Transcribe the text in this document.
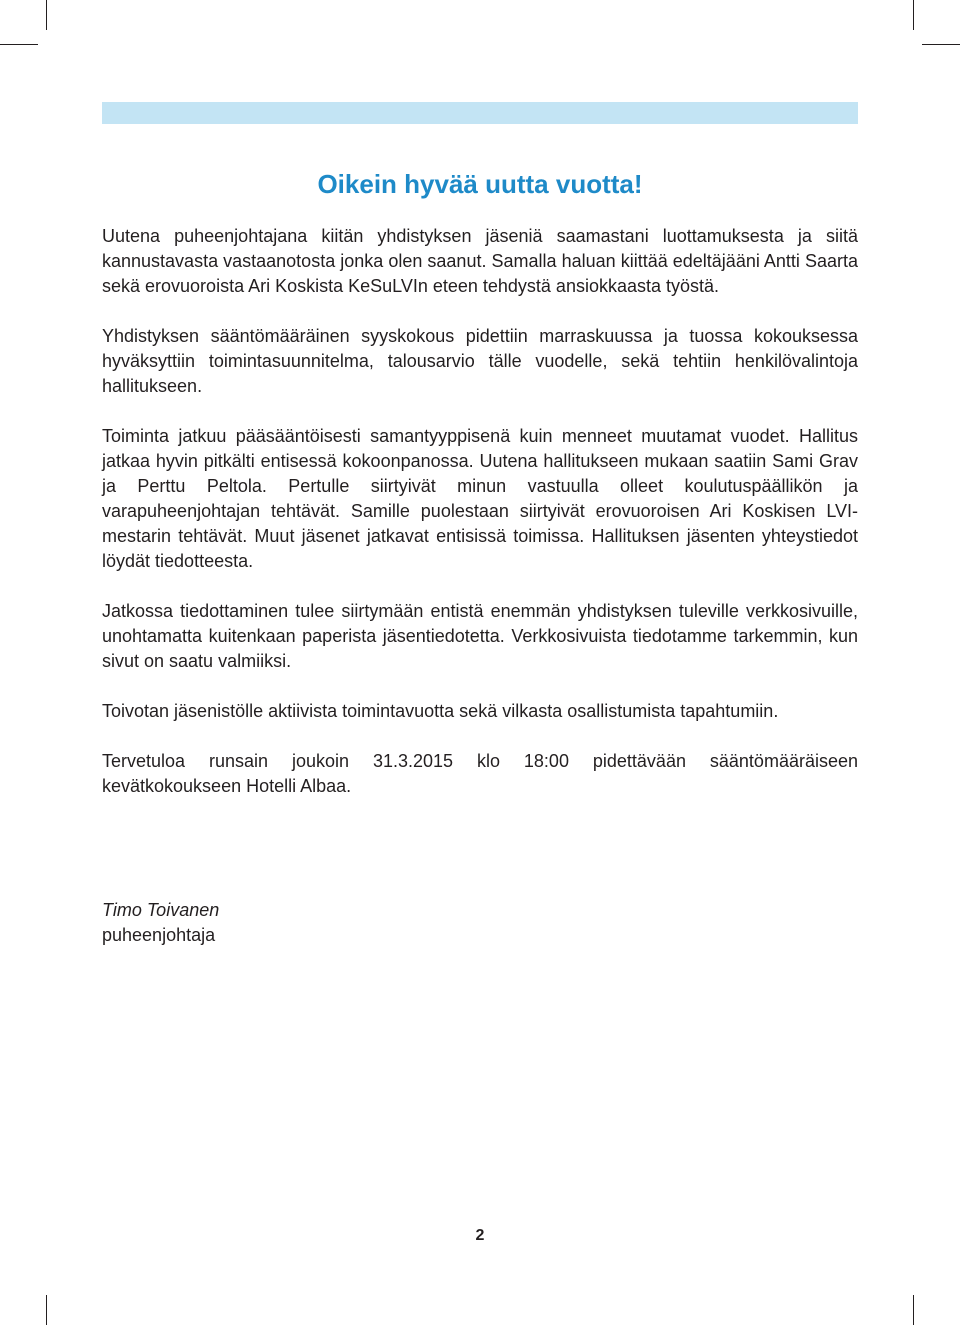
Oikein hyvää uutta vuotta!

Uutena puheenjohtajana kiitän yhdistyksen jäseniä saamastani luottamuksesta ja siitä kannustavasta vastaanotosta jonka olen saanut. Samalla haluan kiittää edeltäjääni Antti Saarta sekä erovuoroista Ari Koskista KeSuLVIn eteen tehdystä ansiokkaasta työstä.

Yhdistyksen sääntömääräinen syyskokous pidettiin marraskuussa ja tuossa kokouksessa hyväksyttiin toimintasuunnitelma, talousarvio tälle vuodelle, sekä tehtiin henkilövalintoja hallitukseen.

Toiminta jatkuu pääsääntöisesti samantyyppisenä kuin menneet muutamat vuodet. Hallitus jatkaa hyvin pitkälti entisessä kokoonpanossa. Uutena hallitukseen mukaan saatiin Sami Grav ja Perttu Peltola. Pertulle siirtyivät minun vastuulla olleet koulutuspäällikön ja varapuheenjohtajan tehtävät. Samille puolestaan siirtyivät erovuoroisen Ari Koskisen LVI-mestarin tehtävät. Muut jäsenet jatkavat entisissä toimissa. Hallituksen jäsenten yhteystiedot löydät tiedotteesta.

Jatkossa tiedottaminen tulee siirtymään entistä enemmän yhdistyksen tuleville verkkosivuille, unohtamatta kuitenkaan paperista jäsentiedotetta. Verkkosivuista tiedotamme tarkemmin, kun sivut on saatu valmiiksi.

Toivotan jäsenistölle aktiivista toimintavuotta sekä vilkasta osallistumista tapahtumiin.

Tervetuloa runsain joukoin 31.3.2015 klo 18:00 pidettävään sääntömääräiseen kevätkokoukseen Hotelli Albaa.

Timo Toivanen
puheenjohtaja
2
